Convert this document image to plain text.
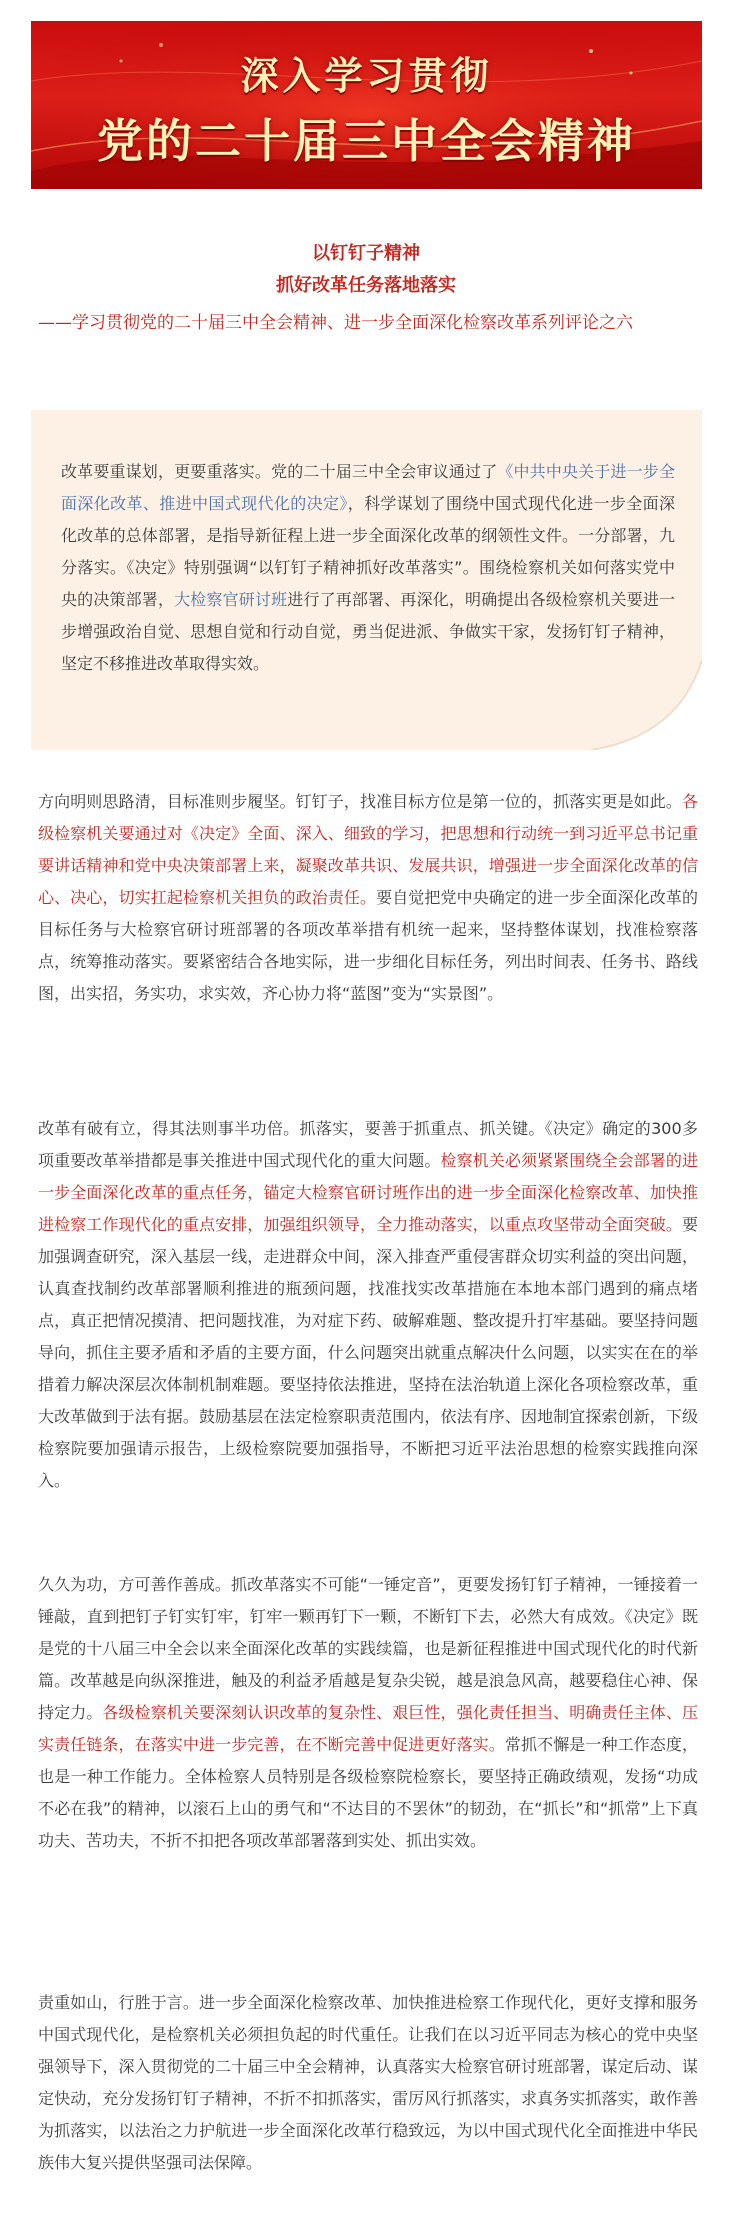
深入学习贯彻
党的二十届三中全会精神
以钉钉子精神
抓好改革任务落地落实
——学习贯彻党的二十届三中全会精神、进一步全面深化检察改革系列评论之六

改革要重谋划，更要重落实。党的二十届三中全会审议通过了《中共中央关于进一步全面深化改革、推进中国式现代化的决定》，科学谋划了围绕中国式现代化进一步全面深化改革的总体部署，是指导新征程上进一步全面深化改革的纲领性文件。一分部署，九分落实。《决定》特别强调“以钉钉子精神抓好改革落实”。围绕检察机关如何落实党中央的决策部署，大检察官研讨班进行了再部署、再深化，明确提出各级检察机关要进一步增强政治自觉、思想自觉和行动自觉，勇当促进派、争做实干家，发扬钉钉子精神，坚定不移推进改革取得实效。

方向明则思路清，目标准则步履坚。钉钉子，找准目标方位是第一位的，抓落实更是如此。各级检察机关要通过对《决定》全面、深入、细致的学习，把思想和行动统一到习近平总书记重要讲话精神和党中央决策部署上来，凝聚改革共识、发展共识，增强进一步全面深化改革的信心、决心，切实扛起检察机关担负的政治责任。要自觉把党中央确定的进一步全面深化改革的目标任务与大检察官研讨班部署的各项改革举措有机统一起来，坚持整体谋划，找准检察落点，统筹推动落实。要紧密结合各地实际，进一步细化目标任务，列出时间表、任务书、路线图，出实招，务实功，求实效，齐心协力将“蓝图”变为“实景图”。

改革有破有立，得其法则事半功倍。抓落实，要善于抓重点、抓关键。《决定》确定的300多项重要改革举措都是事关推进中国式现代化的重大问题。检察机关必须紧紧围绕全会部署的进一步全面深化改革的重点任务，锚定大检察官研讨班作出的进一步全面深化检察改革、加快推进检察工作现代化的重点安排，加强组织领导，全力推动落实，以重点攻坚带动全面突破。要加强调查研究，深入基层一线，走进群众中间，深入排查严重侵害群众切实利益的突出问题，认真查找制约改革部署顺利推进的瓶颈问题，找准找实改革措施在本地本部门遇到的痛点堵点，真正把情况摸清、把问题找准，为对症下药、破解难题、整改提升打牢基础。要坚持问题导向，抓住主要矛盾和矛盾的主要方面，什么问题突出就重点解决什么问题，以实实在在的举措着力解决深层次体制机制难题。要坚持依法推进，坚持在法治轨道上深化各项检察改革，重大改革做到于法有据。鼓励基层在法定检察职责范围内，依法有序、因地制宜探索创新，下级检察院要加强请示报告，上级检察院要加强指导，不断把习近平法治思想的检察实践推向深入。

久久为功，方可善作善成。抓改革落实不可能“一锤定音”，更要发扬钉钉子精神，一锤接着一锤敲，直到把钉子钉实钉牢，钉牢一颗再钉下一颗，不断钉下去，必然大有成效。《决定》既是党的十八届三中全会以来全面深化改革的实践续篇，也是新征程推进中国式现代化的时代新篇。改革越是向纵深推进，触及的利益矛盾越是复杂尖锐，越是浪急风高，越要稳住心神、保持定力。各级检察机关要深刻认识改革的复杂性、艰巨性，强化责任担当、明确责任主体、压实责任链条，在落实中进一步完善，在不断完善中促进更好落实。常抓不懈是一种工作态度，也是一种工作能力。全体检察人员特别是各级检察院检察长，要坚持正确政绩观，发扬“功成不必在我”的精神，以滚石上山的勇气和“不达目的不罢休”的韧劲，在“抓长”和“抓常”上下真功夫、苦功夫，不折不扣把各项改革部署落到实处、抓出实效。

责重如山，行胜于言。进一步全面深化检察改革、加快推进检察工作现代化，更好支撑和服务中国式现代化，是检察机关必须担负起的时代重任。让我们在以习近平同志为核心的党中央坚强领导下，深入贯彻党的二十届三中全会精神，认真落实大检察官研讨班部署，谋定后动、谋定快动，充分发扬钉钉子精神，不折不扣抓落实，雷厉风行抓落实，求真务实抓落实，敢作善为抓落实，以法治之力护航进一步全面深化改革行稳致远，为以中国式现代化全面推进中华民族伟大复兴提供坚强司法保障。
